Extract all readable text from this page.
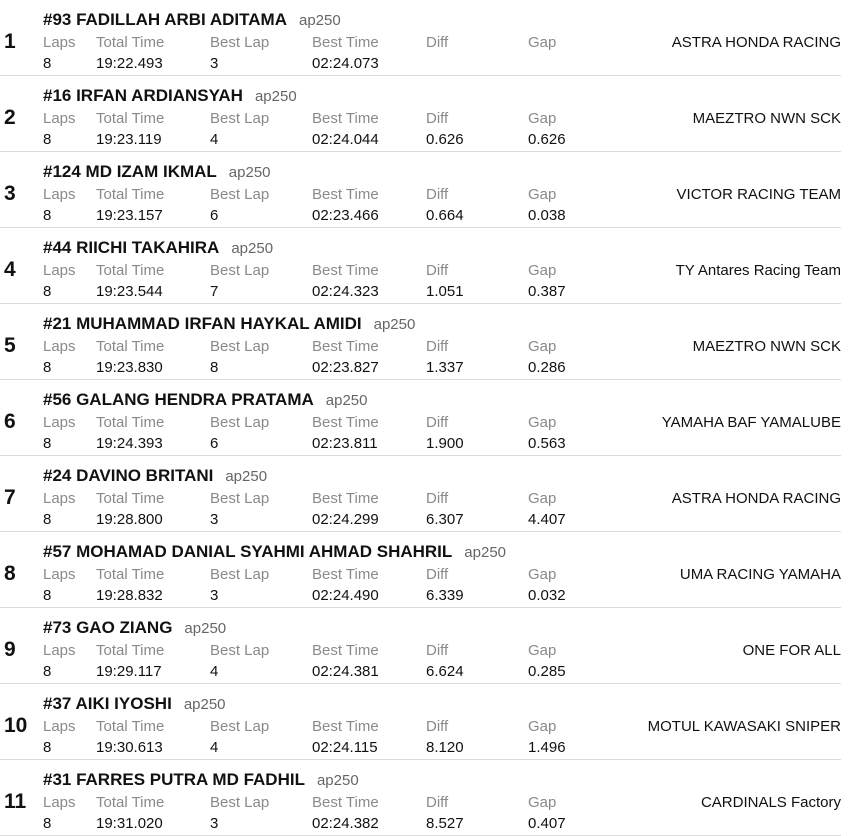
1
#93 FADILLAH ARBI ADITAMA ap250
Laps Total Time	Best Lap	Best Time	Diff	Gap
8	19:22.493	3	02:24.073
ASTRA HONDA RACING
2
#16 IRFAN ARDIANSYAH ap250
Laps Total Time	Best Lap	Best Time	Diff	Gap
8	19:23.119	4	02:24.044	0.626	0.626
MAEZTRO NWN SCK
3
#124 MD IZAM IKMAL ap250
Laps Total Time	Best Lap	Best Time	Diff	Gap
8	19:23.157	6	02:23.466	0.664	0.038
VICTOR RACING TEAM
4
#44 RIICHI TAKAHIRA ap250
Laps Total Time	Best Lap	Best Time	Diff	Gap
8	19:23.544	7	02:24.323	1.051	0.387
TY Antares Racing Team
5
#21 MUHAMMAD IRFAN HAYKAL AMIDI ap250
Laps Total Time	Best Lap	Best Time	Diff	Gap
8	19:23.830	8	02:23.827	1.337	0.286
MAEZTRO NWN SCK
6
#56 GALANG HENDRA PRATAMA ap250
Laps Total Time	Best Lap	Best Time	Diff	Gap
8	19:24.393	6	02:23.811	1.900	0.563
YAMAHA BAF YAMALUBE
7
#24 DAVINO BRITANI ap250
Laps Total Time	Best Lap	Best Time	Diff	Gap
8	19:28.800	3	02:24.299	6.307	4.407
ASTRA HONDA RACING
8
#57 MOHAMAD DANIAL SYAHMI AHMAD SHAHRIL ap250
Laps Total Time	Best Lap	Best Time	Diff	Gap
8	19:28.832	3	02:24.490	6.339	0.032
UMA RACING YAMAHA
9
#73 GAO ZIANG ap250
Laps Total Time	Best Lap	Best Time	Diff	Gap
8	19:29.117	4	02:24.381	6.624	0.285
ONE FOR ALL
10
#37 AIKI IYOSHI ap250
Laps Total Time	Best Lap	Best Time	Diff	Gap
8	19:30.613	4	02:24.115	8.120	1.496
MOTUL KAWASAKI SNIPER
11
#31 FARRES PUTRA MD FADHIL ap250
Laps Total Time	Best Lap	Best Time	Diff	Gap
8	19:31.020	3	02:24.382	8.527	0.407
CARDINALS Factory
